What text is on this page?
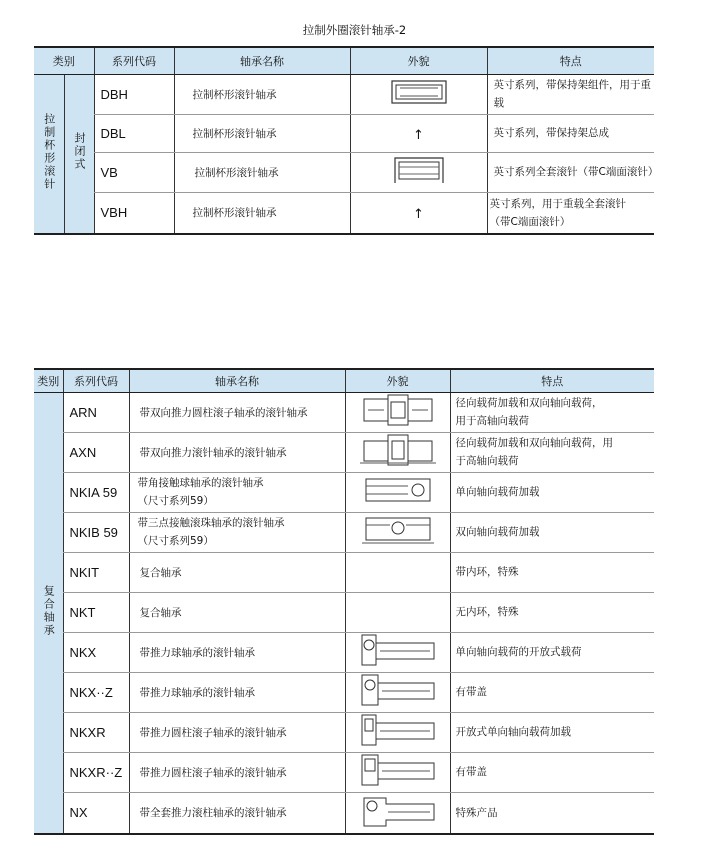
拉制外圈滚针轴承-2
类别		系列代码	轴承名称	外貌	特点
拉制杯形滚针	封闭式	DBH	拉制杯形滚针轴承		英寸系列，带保持架组件，用于重载
		DBL	拉制杯形滚针轴承	↑	英寸系列，带保持架总成
		VB	拉制杯形滚针轴承		英寸系列全套滚针（带C端面滚针）
		VBH	拉制杯形滚针轴承	↑	英寸系列，用于重载全套滚针
（带C端面滚针）
类别	系列代码	轴承名称	外貌	特点
复合轴承	ARN	带双向推力圆柱滚子轴承的滚针轴承		径向载荷加载和双向轴向载荷，
用于高轴向载荷

	AXN	带双向推力滚针轴承的滚针轴承		径向载荷加载和双向轴向载荷，用
于高轴向载荷

	NKIA 59	带角接触球轴承的滚针轴承
（尺寸系列59）		单向轴向载荷加载
	NKIB 59	带三点接触滚珠轴承的滚针轴承
（尺寸系列59）		双向轴向载荷加载
	NKIT	复合轴承		带内环，特殊
	NKT	复合轴承		无内环，特殊
	NKX	带推力球轴承的滚针轴承		单向轴向载荷的开放式载荷
	NKX··Z	带推力球轴承的滚针轴承		有带盖
	NKXR	带推力圆柱滚子轴承的滚针轴承		开放式单向轴向载荷加载
	NKXR··Z	带推力圆柱滚子轴承的滚针轴承		有带盖
	NX	带全套推力滚柱轴承的滚针轴承		特殊产品
